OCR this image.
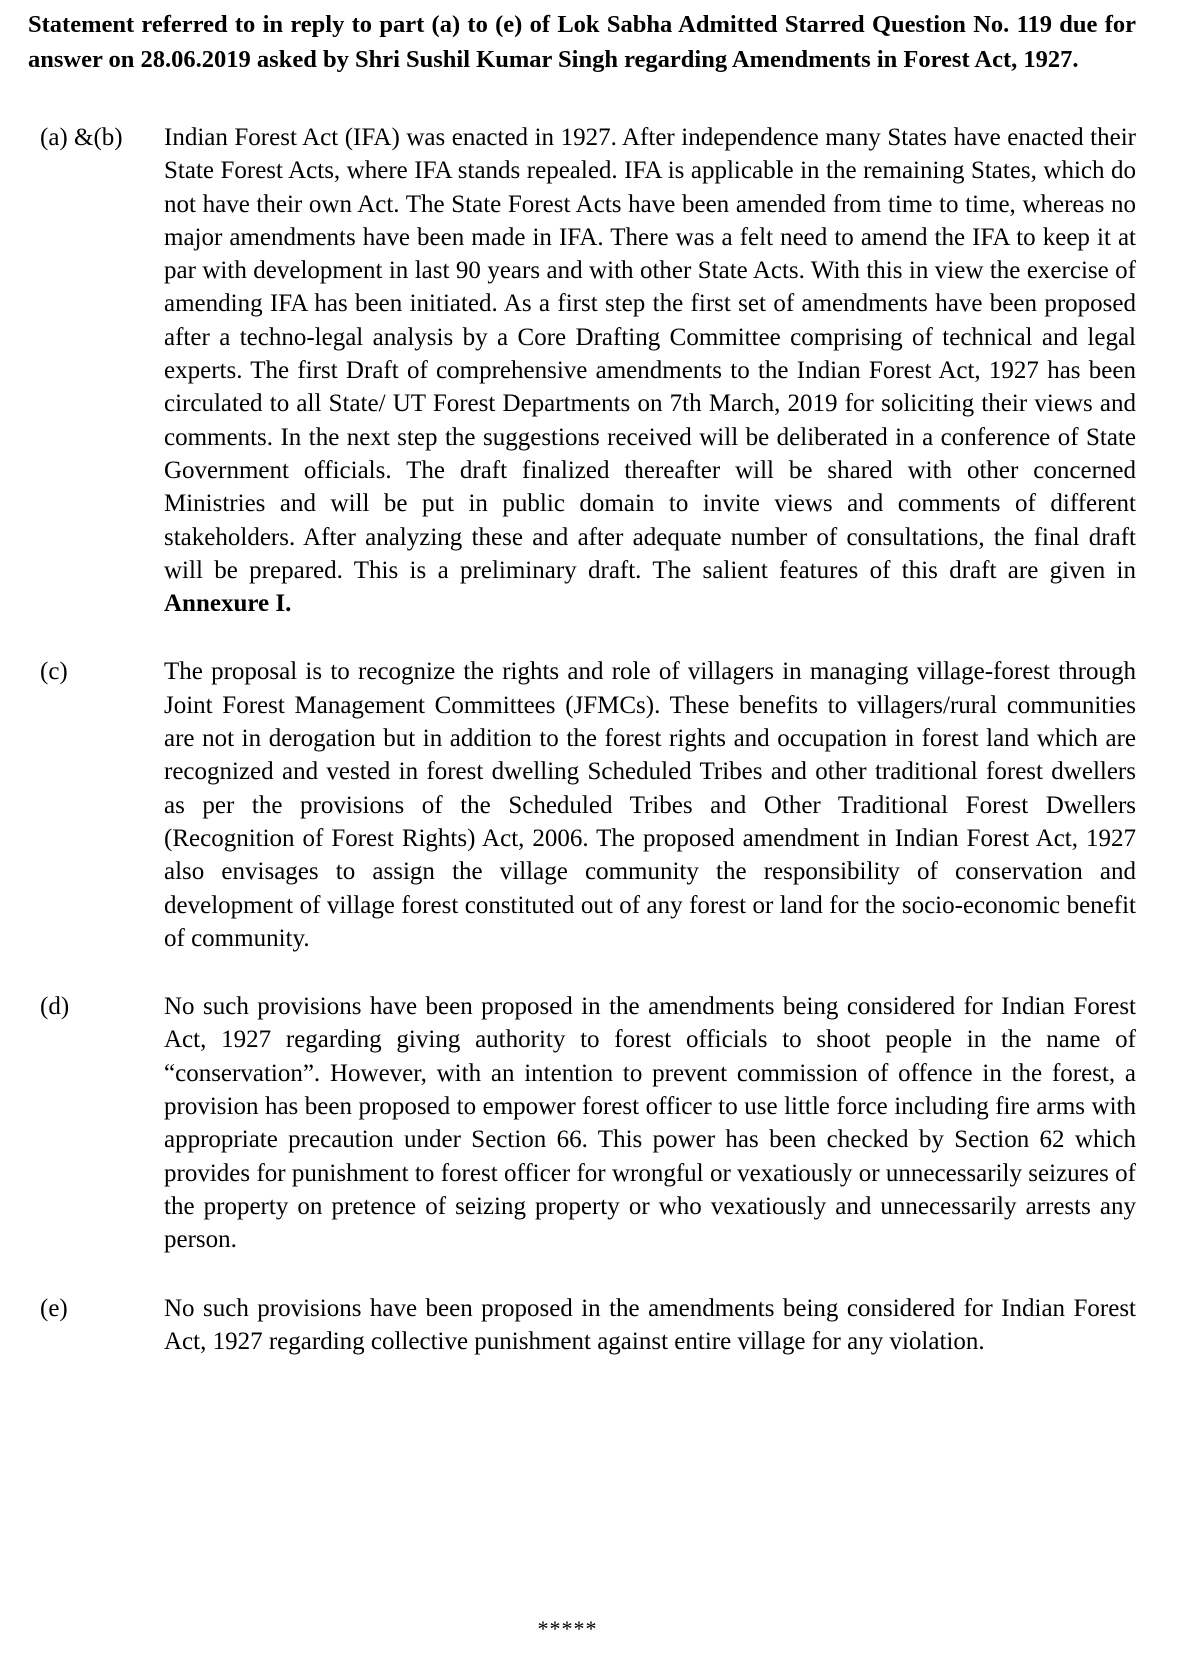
Statement referred to in reply to part (a) to (e) of Lok Sabha Admitted Starred Question No. 119 due for answer on 28.06.2019 asked by Shri Sushil Kumar Singh regarding Amendments in Forest Act, 1927.

(a) &(b) Indian Forest Act (IFA) was enacted in 1927. After independence many States have enacted their State Forest Acts, where IFA stands repealed. IFA is applicable in the remaining States, which do not have their own Act. The State Forest Acts have been amended from time to time, whereas no major amendments have been made in IFA. There was a felt need to amend the IFA to keep it at par with development in last 90 years and with other State Acts. With this in view the exercise of amending IFA has been initiated. As a first step the first set of amendments have been proposed after a techno-legal analysis by a Core Drafting Committee comprising of technical and legal experts. The first Draft of comprehensive amendments to the Indian Forest Act, 1927 has been circulated to all State/ UT Forest Departments on 7th March, 2019 for soliciting their views and comments. In the next step the suggestions received will be deliberated in a conference of State Government officials. The draft finalized thereafter will be shared with other concerned Ministries and will be put in public domain to invite views and comments of different stakeholders. After analyzing these and after adequate number of consultations, the final draft will be prepared. This is a preliminary draft. The salient features of this draft are given in Annexure I.
(c)	The proposal is to recognize the rights and role of villagers in managing village-forest through Joint Forest Management Committees (JFMCs). These benefits to villagers/rural communities are not in derogation but in addition to the forest rights and occupation in forest land which are recognized and vested in forest dwelling Scheduled Tribes and other traditional forest dwellers as per the provisions of the Scheduled Tribes and Other Traditional Forest Dwellers (Recognition of Forest Rights) Act, 2006. The proposed amendment in Indian Forest Act, 1927 also envisages to assign the village community the responsibility of conservation and development of village forest constituted out of any forest or land for the socio-economic benefit of community.
(d)	No such provisions have been proposed in the amendments being considered for Indian Forest Act, 1927 regarding giving authority to forest officials to shoot people in the name of “conservation”. However, with an intention to prevent commission of offence in the forest, a provision has been proposed to empower forest officer to use little force including fire arms with appropriate precaution under Section 66. This power has been checked by Section 62 which provides for punishment to forest officer for wrongful or vexatiously or unnecessarily seizures of the property on pretence of seizing property or who vexatiously and unnecessarily arrests any person.
(e)	No such provisions have been proposed in the amendments being considered for Indian Forest Act, 1927 regarding collective punishment against entire village for any violation.
*****
